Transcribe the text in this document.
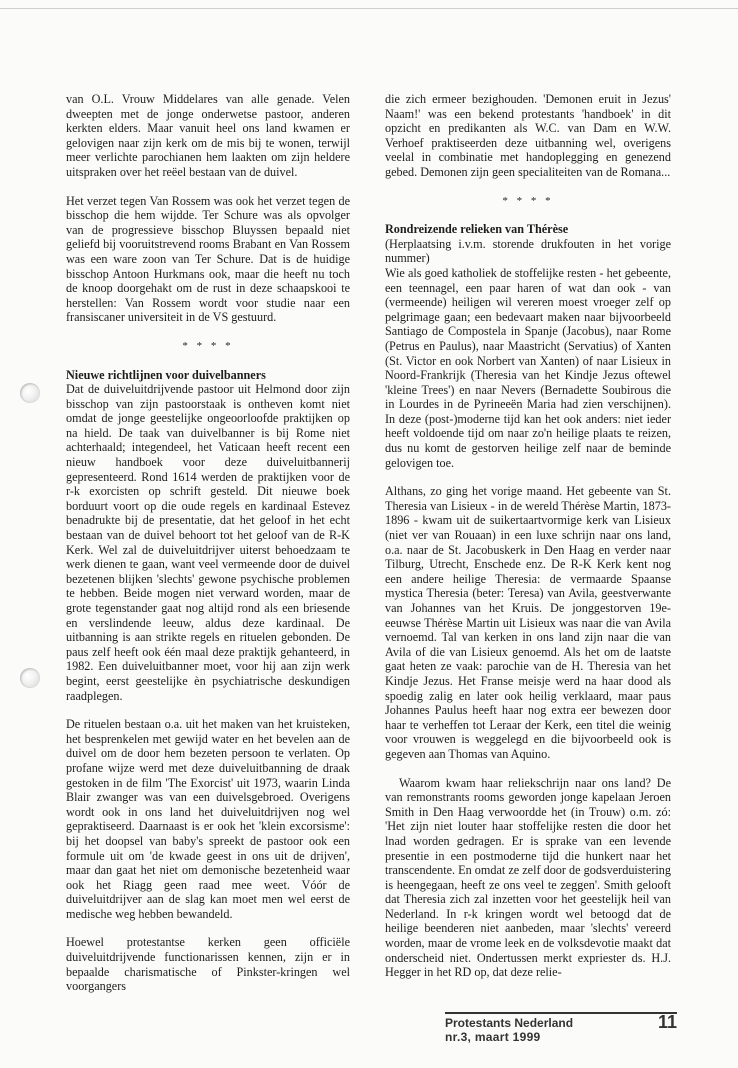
van O.L. Vrouw Middelares van alle genade. Velen dweepten met de jonge onderwetse pastoor, anderen kerkten elders. Maar vanuit heel ons land kwamen er gelovigen naar zijn kerk om de mis bij te wonen, terwijl meer verlichte parochianen hem laakten om zijn heldere uitspraken over het reëel bestaan van de duivel.

Het verzet tegen Van Rossem was ook het verzet tegen de bisschop die hem wijdde. Ter Schure was als opvolger van de progressieve bisschop Bluyssen bepaald niet geliefd bij vooruitstrevend rooms Brabant en Van Rossem was een ware zoon van Ter Schure. Dat is de huidige bisschop Antoon Hurkmans ook, maar die heeft nu toch de knoop doorgehakt om de rust in deze schaapskooi te herstellen: Van Rossem wordt voor studie naar een fransiscaner universiteit in de VS gestuurd.

* * * *
Nieuwe richtlijnen voor duivelbanners

Dat de duiveluitdrijvende pastoor uit Helmond door zijn bisschop van zijn pastoorstaak is ontheven komt niet omdat de jonge geestelijke ongeoorloofde praktijken op na hield. De taak van duivelbanner is bij Rome niet achterhaald; integendeel, het Vaticaan heeft recent een nieuw handboek voor deze duiveluitbannerij gepresenteerd. Rond 1614 werden de praktijken voor de r-k exorcisten op schrift gesteld. Dit nieuwe boek borduurt voort op die oude regels en kardinaal Estevez benadrukte bij de presentatie, dat het geloof in het echt bestaan van de duivel behoort tot het geloof van de R-K Kerk. Wel zal de duiveluitdrijver uiterst behoedzaam te werk dienen te gaan, want veel vermeende door de duivel bezetenen blijken 'slechts' gewone psychische problemen te hebben. Beide mogen niet verward worden, maar de grote tegenstander gaat nog altijd rond als een briesende en verslindende leeuw, aldus deze kardinaal. De uitbanning is aan strikte regels en rituelen gebonden. De paus zelf heeft ook één maal deze praktijk gehanteerd, in 1982. Een duiveluitbanner moet, voor hij aan zijn werk begint, eerst geestelijke èn psychiatrische deskundigen raadplegen.

De rituelen bestaan o.a. uit het maken van het kruisteken, het besprenkelen met gewijd water en het bevelen aan de duivel om de door hem bezeten persoon te verlaten. Op profane wijze werd met deze duiveluitbanning de draak gestoken in de film 'The Exorcist' uit 1973, waarin Linda Blair zwanger was van een duivelsgebroed. Overigens wordt ook in ons land het duiveluitdrijven nog wel gepraktiseerd. Daarnaast is er ook het 'klein excorsisme': bij het doopsel van baby's spreekt de pastoor ook een formule uit om 'de kwade geest in ons uit de drijven', maar dan gaat het niet om demonische bezetenheid waar ook het Riagg geen raad mee weet. Vóór de duiveluitdrijver aan de slag kan moet men wel eerst de medische weg hebben bewandeld.

Hoewel protestantse kerken geen officiële duiveluitdrijvende functionarissen kennen, zijn er in bepaalde charismatische of Pinkster-kringen wel voorgangers

die zich ermeer bezighouden. 'Demonen eruit in Jezus' Naam!' was een bekend protestants 'handboek' in dit opzicht en predikanten als W.C. van Dam en W.W. Verhoef praktiseerden deze uitbanning wel, overigens veelal in combinatie met handoplegging en genezend gebed. Demonen zijn geen specialiteiten van de Romana...

* * * *
Rondreizende relieken van Thérèse

(Herplaatsing i.v.m. storende drukfouten in het vorige nummer)

Wie als goed katholiek de stoffelijke resten - het gebeente, een teennagel, een paar haren of wat dan ook - van (vermeende) heiligen wil vereren moest vroeger zelf op pelgrimage gaan; een bedevaart maken naar bijvoorbeeld Santiago de Compostela in Spanje (Jacobus), naar Rome (Petrus en Paulus), naar Maastricht (Servatius) of Xanten (St. Victor en ook Norbert van Xanten) of naar Lisieux in Noord-Frankrijk (Theresia van het Kindje Jezus oftewel 'kleine Trees') en naar Nevers (Bernadette Soubirous die in Lourdes in de Pyrineeën Maria had zien verschijnen). In deze (post-)moderne tijd kan het ook anders: niet ieder heeft voldoende tijd om naar zo'n heilige plaats te reizen, dus nu komt de gestorven heilige zelf naar de beminde gelovigen toe.

Althans, zo ging het vorige maand. Het gebeente van St. Theresia van Lisieux - in de wereld Thérèse Martin, 1873-1896 - kwam uit de suikertaartvormige kerk van Lisieux (niet ver van Rouaan) in een luxe schrijn naar ons land, o.a. naar de St. Jacobuskerk in Den Haag en verder naar Tilburg, Utrecht, Enschede enz. De R-K Kerk kent nog een andere heilige Theresia: de vermaarde Spaanse mystica Theresia (beter: Teresa) van Avila, geestverwante van Johannes van het Kruis. De jonggestorven 19e-eeuwse Thérèse Martin uit Lisieux was naar die van Avila vernoemd. Tal van kerken in ons land zijn naar die van Avila of die van Lisieux genoemd. Als het om de laatste gaat heten ze vaak: parochie van de H. Theresia van het Kindje Jezus. Het Franse meisje werd na haar dood als spoedig zalig en later ook heilig verklaard, maar paus Johannes Paulus heeft haar nog extra eer bewezen door haar te verheffen tot Leraar der Kerk, een titel die weinig voor vrouwen is weggelegd en die bijvoorbeeld ook is gegeven aan Thomas van Aquino.

Waarom kwam haar reliekschrijn naar ons land? De van remonstrants rooms geworden jonge kapelaan Jeroen Smith in Den Haag verwoordde het (in Trouw) o.m. zó: 'Het zijn niet louter haar stoffelijke resten die door het lnad worden gedragen. Er is sprake van een levende presentie in een postmoderne tijd die hunkert naar het transcendente. En omdat ze zelf door de godsverduistering is heengegaan, heeft ze ons veel te zeggen'. Smith gelooft dat Theresia zich zal inzetten voor het geestelijk heil van Nederland. In r-k kringen wordt wel betoogd dat de heilige beenderen niet aanbeden, maar 'slechts' vereerd worden, maar de vrome leek en de volksdevotie maakt dat onderscheid niet. Ondertussen merkt expriester ds. H.J. Hegger in het RD op, dat deze relie-

Protestants Nederland
nr.3, maart 1999
11
